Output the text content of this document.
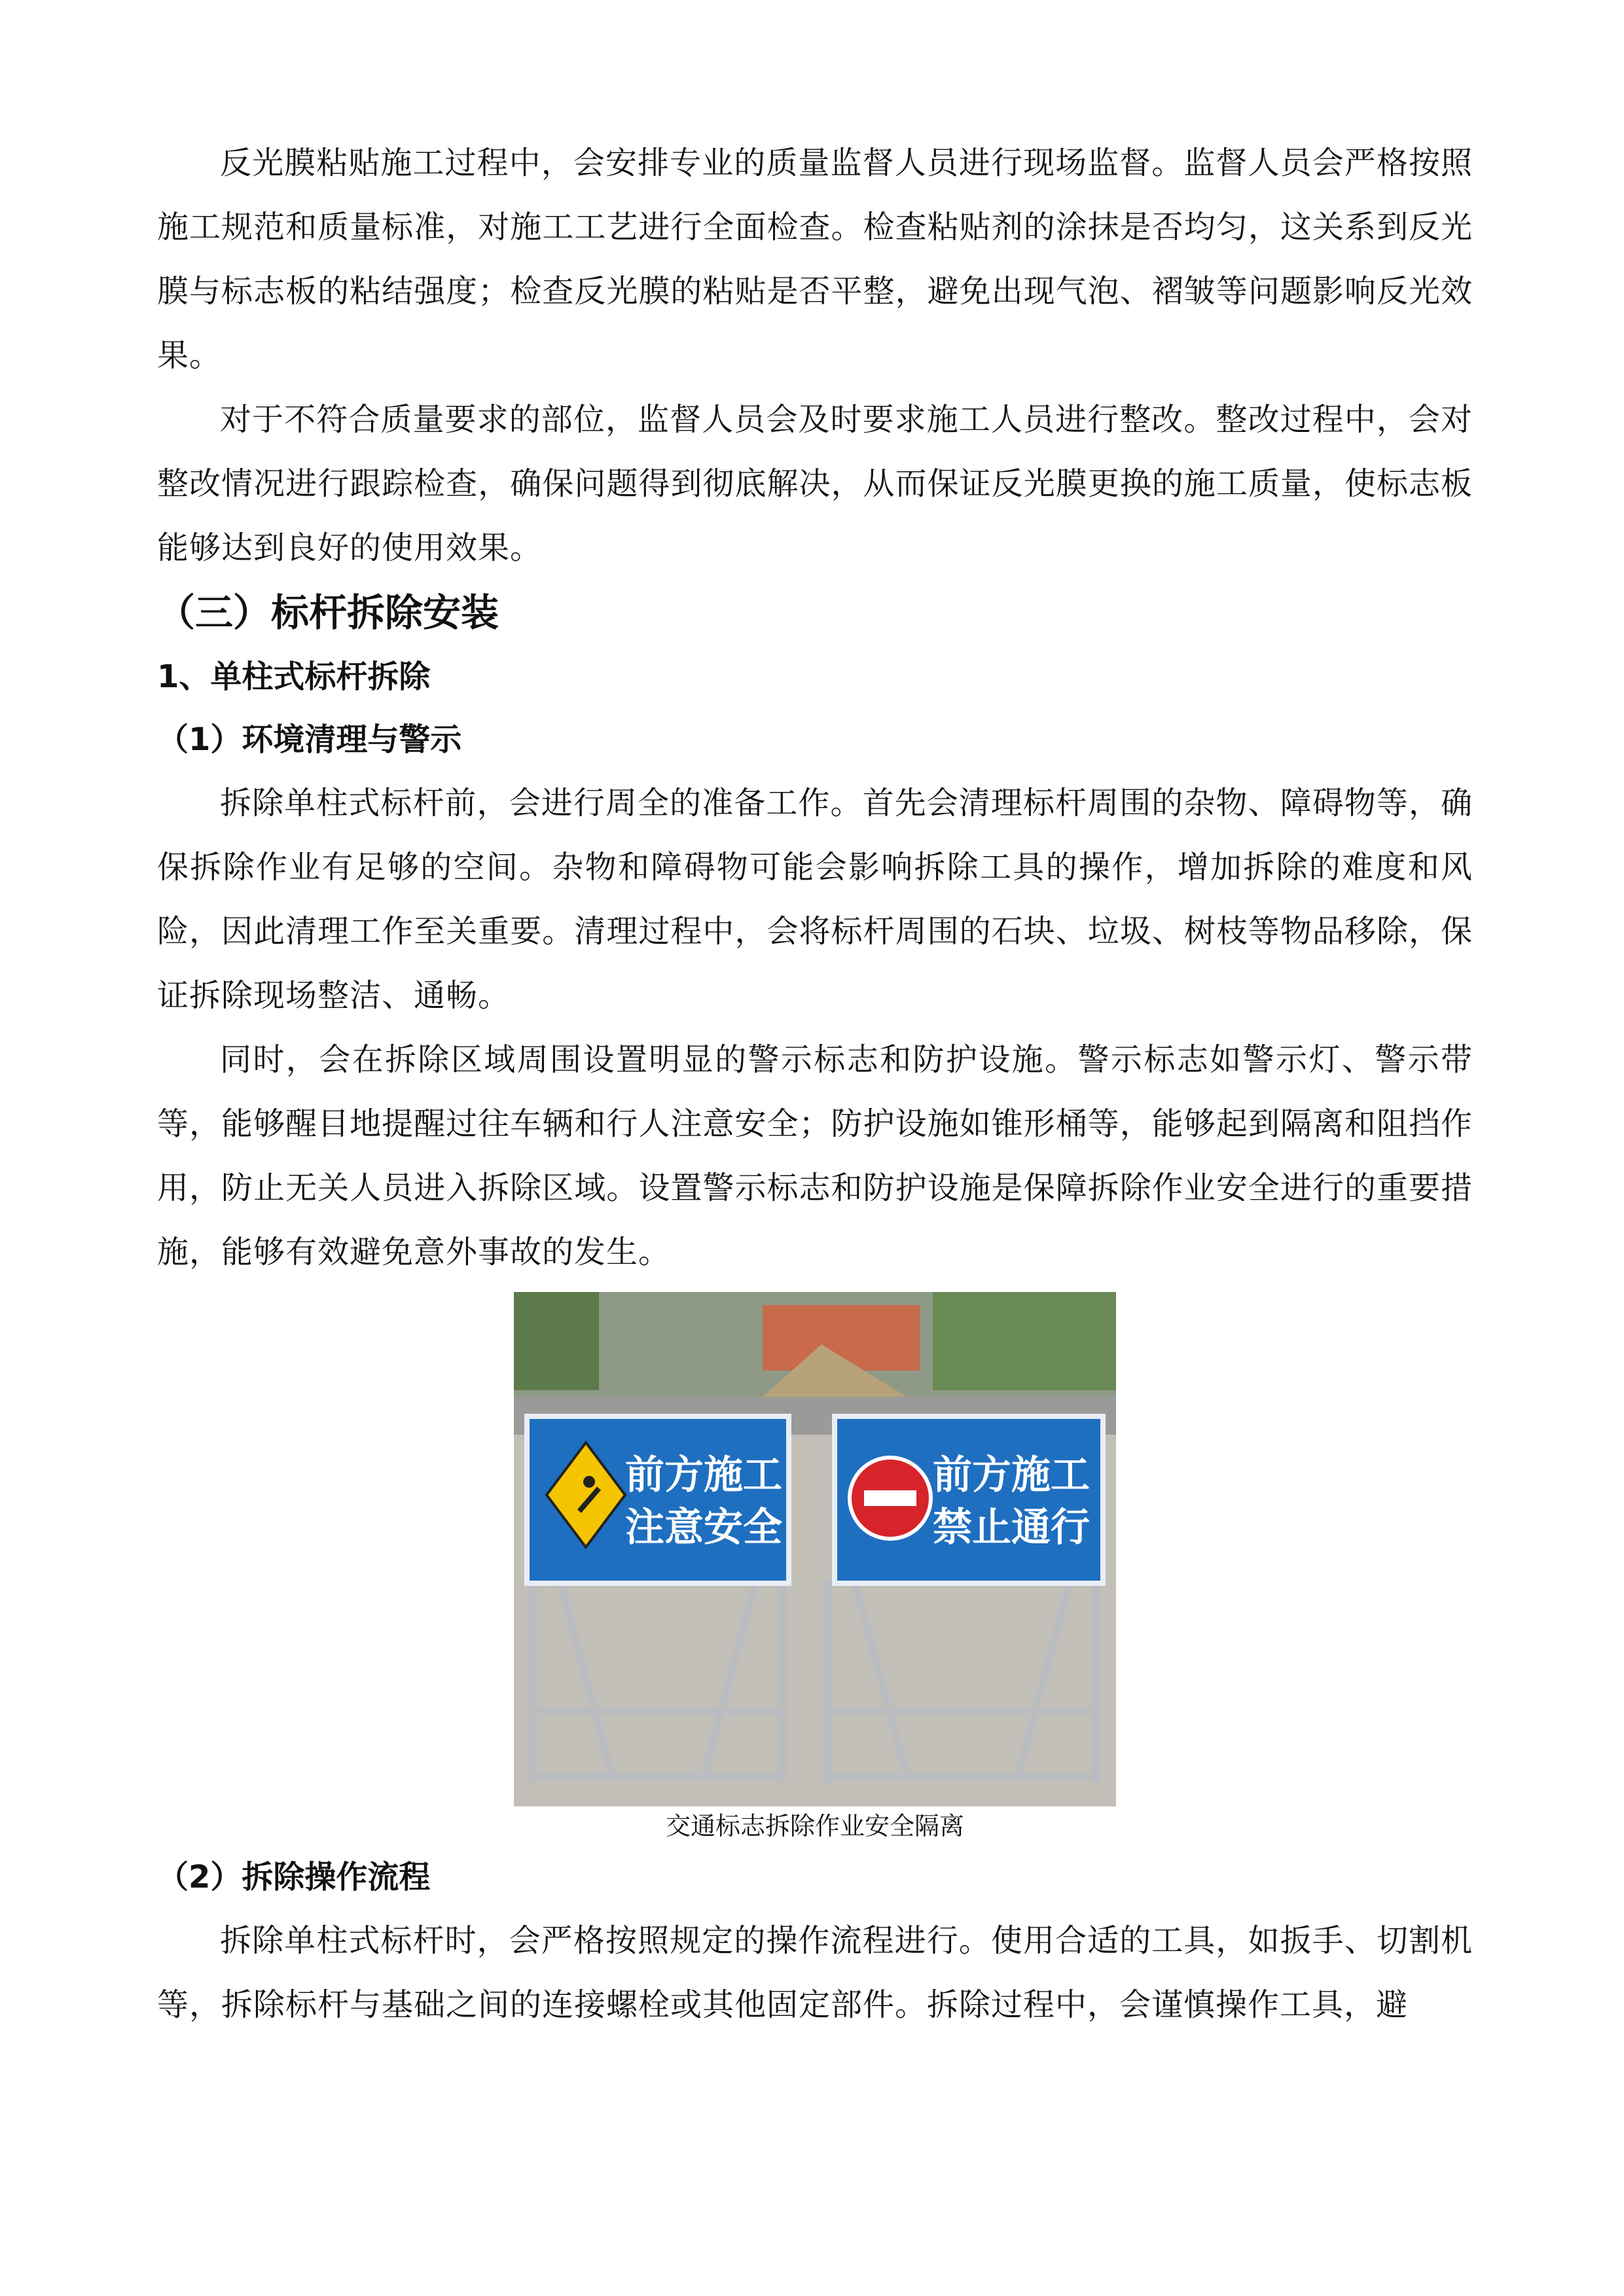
反光膜粘贴施工过程中，会安排专业的质量监督人员进行现场监督。监督人员会严格按照施工规范和质量标准，对施工工艺进行全面检查。检查粘贴剂的涂抹是否均匀，这关系到反光膜与标志板的粘结强度；检查反光膜的粘贴是否平整，避免出现气泡、褶皱等问题影响反光效果。

对于不符合质量要求的部位，监督人员会及时要求施工人员进行整改。整改过程中，会对整改情况进行跟踪检查，确保问题得到彻底解决，从而保证反光膜更换的施工质量，使标志板能够达到良好的使用效果。

（三）标杆拆除安装
1、单柱式标杆拆除
（1）环境清理与警示

拆除单柱式标杆前，会进行周全的准备工作。首先会清理标杆周围的杂物、障碍物等，确保拆除作业有足够的空间。杂物和障碍物可能会影响拆除工具的操作，增加拆除的难度和风险，因此清理工作至关重要。清理过程中，会将标杆周围的石块、垃圾、树枝等物品移除，保证拆除现场整洁、通畅。

同时，会在拆除区域周围设置明显的警示标志和防护设施。警示标志如警示灯、警示带等，能够醒目地提醒过往车辆和行人注意安全；防护设施如锥形桶等，能够起到隔离和阻挡作用，防止无关人员进入拆除区域。设置警示标志和防护设施是保障拆除作业安全进行的重要措施，能够有效避免意外事故的发生。

前方施工
注意安全
前方施工
禁止通行
交通标志拆除作业安全隔离
（2）拆除操作流程

拆除单柱式标杆时，会严格按照规定的操作流程进行。使用合适的工具，如扳手、切割机等，拆除标杆与基础之间的连接螺栓或其他固定部件。拆除过程中，会谨慎操作工具，避
